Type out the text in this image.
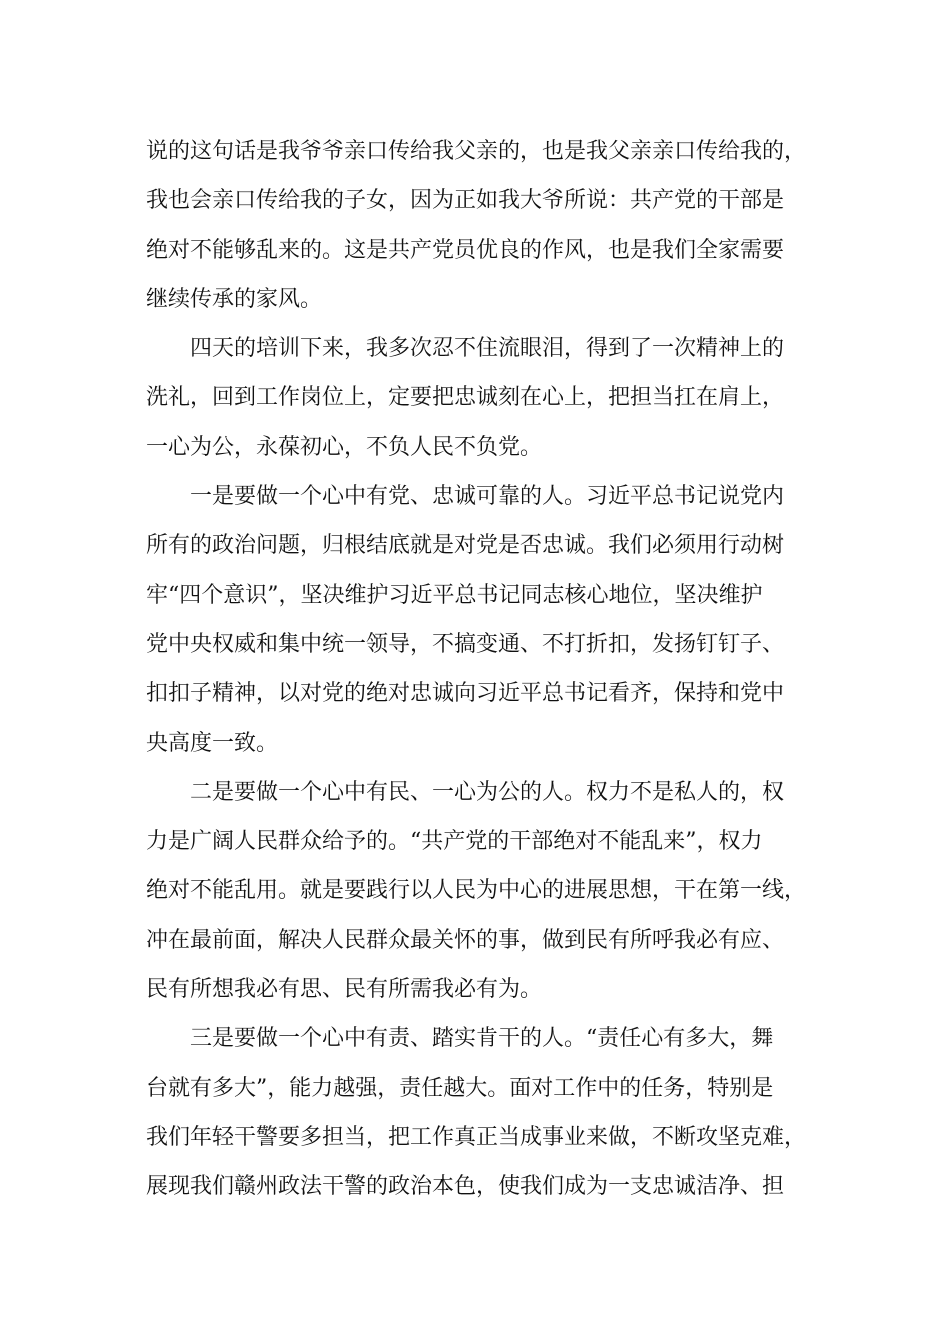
说的这句话是我爷爷亲口传给我父亲的，也是我父亲亲口传给我的，
我也会亲口传给我的子女，因为正如我大爷所说：共产党的干部是
绝对不能够乱来的。这是共产党员优良的作风，也是我们全家需要
继续传承的家风。

四天的培训下来，我多次忍不住流眼泪，得到了一次精神上的
洗礼，回到工作岗位上，定要把忠诚刻在心上，把担当扛在肩上，
一心为公，永葆初心，不负人民不负党。

一是要做一个心中有党、忠诚可靠的人。习近平总书记说党内
所有的政治问题，归根结底就是对党是否忠诚。我们必须用行动树
牢“四个意识”，坚决维护习近平总书记同志核心地位，坚决维护
党中央权威和集中统一领导，不搞变通、不打折扣，发扬钉钉子、
扣扣子精神，以对党的绝对忠诚向习近平总书记看齐，保持和党中
央高度一致。

二是要做一个心中有民、一心为公的人。权力不是私人的，权
力是广阔人民群众给予的。“共产党的干部绝对不能乱来”，权力
绝对不能乱用。就是要践行以人民为中心的进展思想，干在第一线，
冲在最前面，解决人民群众最关怀的事，做到民有所呼我必有应、
民有所想我必有思、民有所需我必有为。

三是要做一个心中有责、踏实肯干的人。“责任心有多大，舞
台就有多大”，能力越强，责任越大。面对工作中的任务，特别是
我们年轻干警要多担当，把工作真正当成事业来做，不断攻坚克难，
展现我们赣州政法干警的政治本色，使我们成为一支忠诚洁净、担
